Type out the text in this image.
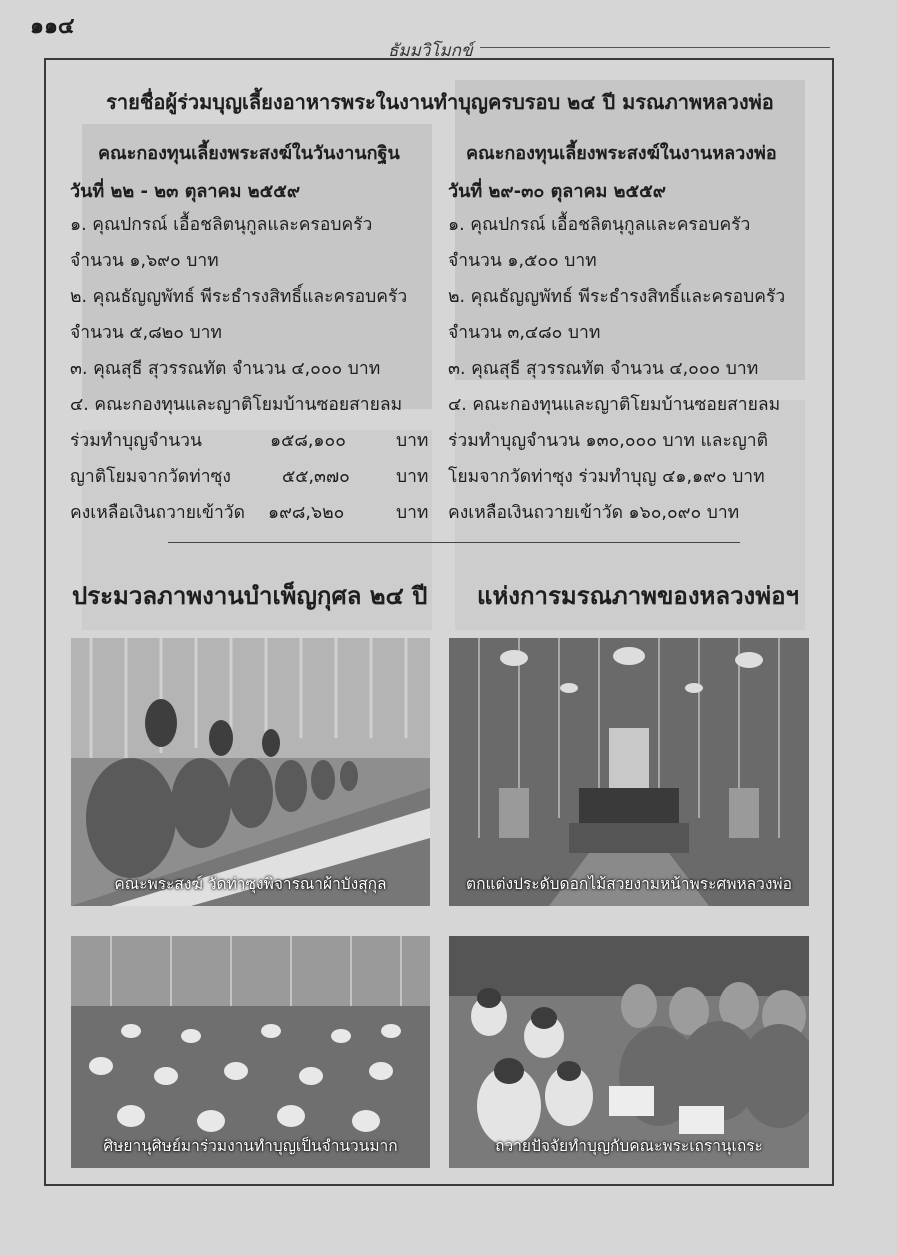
๑๑๔
ธัมมวิโมกข์
รายชื่อผู้ร่วมบุญเลี้ยงอาหารพระในงานทำบุญครบรอบ ๒๔ ปี มรณภาพหลวงพ่อ
คณะกองทุนเลี้ยงพระสงฆ์ในวันงานกฐิน
วันที่ ๒๒ - ๒๓ ตุลาคม ๒๕๕๙
๑. คุณปกรณ์ เอื้อชลิตนุกูลและครอบครัว
จำนวน ๑,๖๙๐ บาท
๒. คุณธัญญพัทธ์ พีระธำรงสิทธิ์และครอบครัว
จำนวน ๕,๘๒๐ บาท
๓. คุณสุธี สุวรรณทัต จำนวน ๔,๐๐๐ บาท
๔. คณะกองทุนและญาติโยมบ้านซอยสายลม
ร่วมทำบุญจำนวน	๑๕๘,๑๐๐	บาท
ญาติโยมจากวัดท่าซุง	๕๕,๓๗๐	บาท
คงเหลือเงินถวายเข้าวัด ๑๙๘,๖๒๐	บาท
คณะกองทุนเลี้ยงพระสงฆ์ในงานหลวงพ่อ
วันที่ ๒๙-๓๐ ตุลาคม ๒๕๕๙
๑. คุณปกรณ์ เอื้อชลิตนุกูลและครอบครัว
จำนวน ๑,๕๐๐ บาท
๒. คุณธัญญพัทธ์ พีระธำรงสิทธิ์และครอบครัว
จำนวน ๓,๔๘๐ บาท
๓. คุณสุธี สุวรรณทัต จำนวน ๔,๐๐๐ บาท
๔. คณะกองทุนและญาติโยมบ้านซอยสายลม
ร่วมทำบุญจำนวน ๑๓๐,๐๐๐ บาท และญาติ
โยมจากวัดท่าซุง ร่วมทำบุญ ๔๑,๑๙๐ บาท
คงเหลือเงินถวายเข้าวัด ๑๖๐,๐๙๐ บาท
ประมวลภาพงานบำเพ็ญกุศล ๒๔ ปี แห่งการมรณภาพของหลวงพ่อฯ
คณะพระสงฆ์ วัดท่าซุงพิจารณาผ้าบังสุกุล	ตกแต่งประดับดอกไม้สวยงามหน้าพระศพหลวงพ่อ
ศิษยานุศิษย์มาร่วมงานทำบุญเป็นจำนวนมาก	ถวายปัจจัยทำบุญกับคณะพระเถรานุเถระ
